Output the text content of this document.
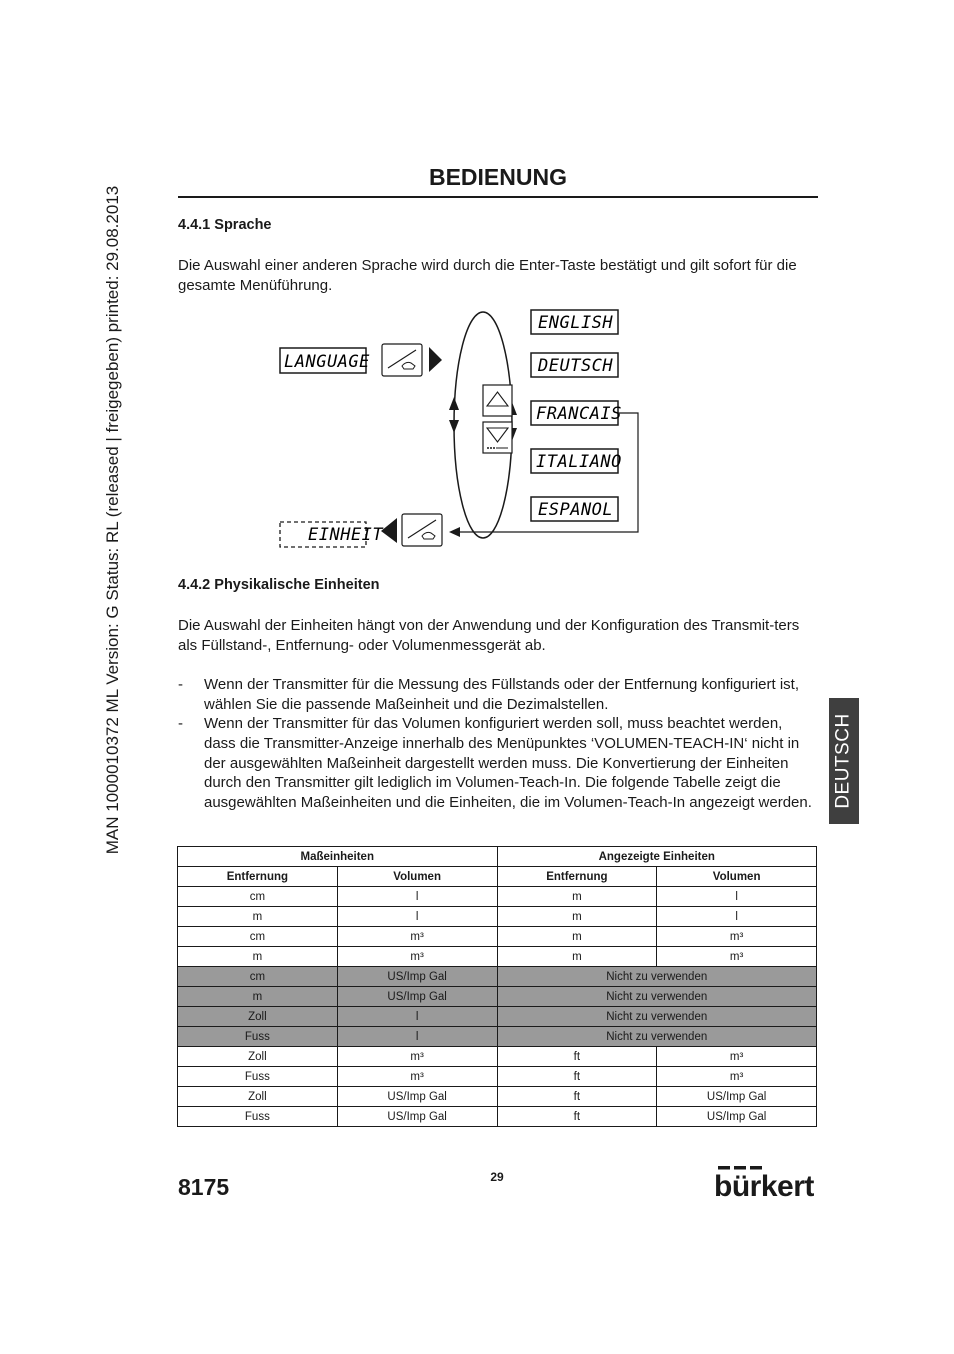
MAN 1000010372 ML Version: G Status: RL (released | freigegeben) printed: 29.08.2013	DEUTSCH
BEDIENUNG
4.4.1 Sprache
Die Auswahl einer anderen Sprache wird durch die Enter-Taste bestätigt und gilt sofort für die gesamte Menüführung.
LANGUAGE
ENGLISH
DEUTSCH
FRANCAIS
ITALIANO
ESPANOL
EINHEIT
4.4.2 Physikalische Einheiten
Die Auswahl der Einheiten hängt von der Anwendung und der Konfiguration des Transmit-ters als Füllstand-, Entfernung- oder Volumenmessgerät ab.
- Wenn der Transmitter für die Messung des Füllstands oder der Entfernung konfiguriert ist, wählen Sie die passende Maßeinheit und die Dezimalstellen.
- Wenn der Transmitter für das Volumen konfiguriert werden soll, muss beachtet werden, dass die Transmitter-Anzeige innerhalb des Menüpunktes ‘VOLUMEN-TEACH-IN‘ nicht in der ausgewählten Maßeinheit dargestellt werden muss. Die Konvertierung der Einheiten durch den Transmitter gilt lediglich im Volumen-Teach-In. Die folgende Tabelle zeigt die ausgewählten Maßeinheiten und die Einheiten, die im Volumen-Teach-In angezeigt werden.
Maßeinheiten		Angezeigte Einheiten	
Entfernung	Volumen	Entfernung	Volumen
cm	l	m	l
m	l	m	l
cm	m³	m	m³
m	m³	m	m³
cm	US/Imp Gal	Nicht zu verwenden	
m	US/Imp Gal	Nicht zu verwenden	
Zoll	l	Nicht zu verwenden	
Fuss	l	Nicht zu verwenden	
Zoll	m³	ft	m³
Fuss	m³	ft	m³
Zoll	US/Imp Gal	ft	US/Imp Gal
Fuss	US/Imp Gal	ft	US/Imp Gal
8175	29	bürkert
